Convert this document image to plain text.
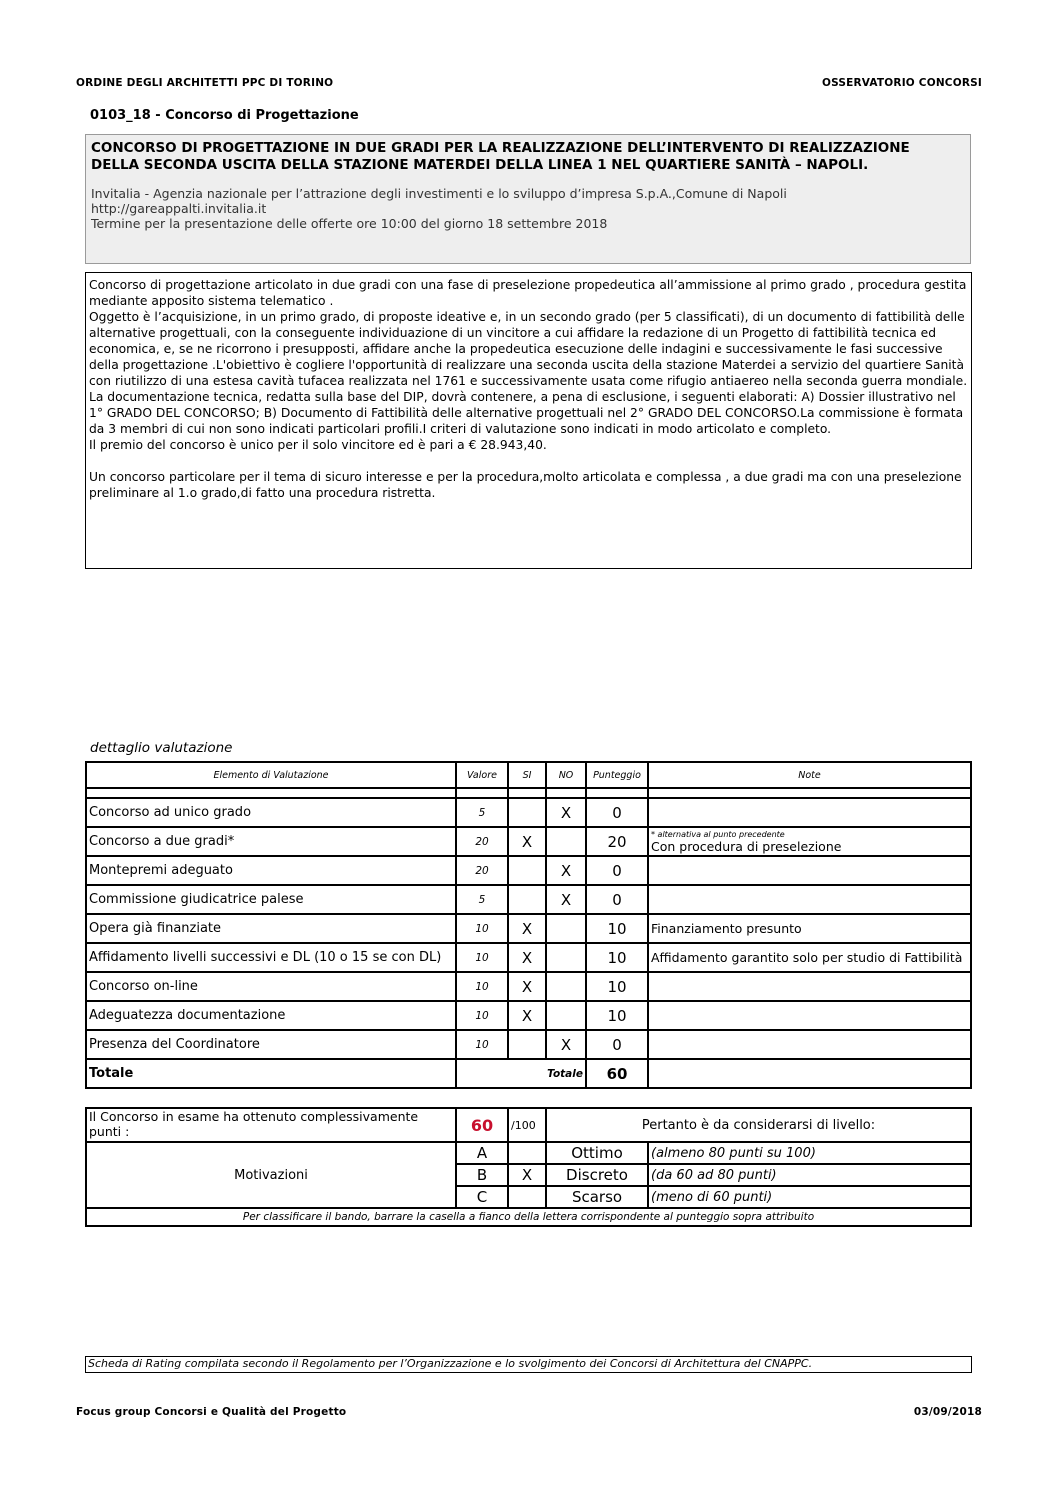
ORDINE DEGLI ARCHITETTI PPC DI TORINO	OSSERVATORIO CONCORSI
0103_18 - Concorso di Progettazione
CONCORSO DI PROGETTAZIONE IN DUE GRADI PER LA REALIZZAZIONE DELL’INTERVENTO DI REALIZZAZIONE DELLA SECONDA USCITA DELLA STAZIONE MATERDEI DELLA LINEA 1 NEL QUARTIERE SANITÀ – NAPOLI.
Invitalia - Agenzia nazionale per l’attrazione degli investimenti e lo sviluppo d’impresa S.p.A.,Comune di Napoli
http://gareappalti.invitalia.it
Termine per la presentazione delle offerte ore 10:00 del giorno 18 settembre 2018

Concorso di progettazione articolato in due gradi con una fase di preselezione propedeutica all’ammissione al primo grado , procedura gestita mediante apposito sistema telematico .

Oggetto è l’acquisizione, in un primo grado, di proposte ideative e, in un secondo grado (per 5 classificati), di un documento di fattibilità delle alternative progettuali, con la conseguente individuazione di un vincitore a cui affidare la redazione di un Progetto di fattibilità tecnica ed economica, e, se ne ricorrono i presupposti, affidare anche la propedeutica esecuzione delle indagini e successivamente le fasi successive della progettazione .L'obiettivo è cogliere l'opportunità di realizzare una seconda uscita della stazione Materdei a servizio del quartiere Sanità con riutilizzo di una estesa cavità tufacea realizzata nel 1761 e successivamente usata come rifugio antiaereo nella seconda guerra mondiale.

La documentazione tecnica, redatta sulla base del DIP, dovrà contenere, a pena di esclusione, i seguenti elaborati: A) Dossier illustrativo nel 1° GRADO DEL CONCORSO; B) Documento di Fattibilità delle alternative progettuali nel 2° GRADO DEL CONCORSO.La commissione è formata da 3 membri di cui non sono indicati particolari profili.I criteri di valutazione sono indicati in modo articolato e completo.

Il premio del concorso è unico per il solo vincitore ed è pari a € 28.943,40.

Un concorso particolare per il tema di sicuro interesse e per la procedura,molto articolata e complessa , a due gradi ma con una preselezione preliminare al 1.o grado,di fatto una procedura ristretta.

dettaglio valutazione
Elemento di Valutazione	Valore	SI	NO	Punteggio	Note

Concorso ad unico grado	5		X	0	
Concorso a due gradi*	20	X		20	* alternativa al punto precedente
Con procedura di preselezione
Montepremi adeguato	20		X	0	
Commissione giudicatrice palese	5		X	0	
Opera già finanziate	10	X		10	Finanziamento presunto
Affidamento livelli successivi e DL (10 o 15 se con DL)	10	X		10	Affidamento garantito solo per studio di Fattibilità
Concorso on-line	10	X		10	
Adeguatezza documentazione	10	X		10	
Presenza del Coordinatore	10		X	0	
Totale	Totale			60	
Il Concorso in esame ha ottenuto complessivamente punti :	60	/100	Pertanto è da considerarsi di livello:	
Motivazioni	A		Ottimo	(almeno 80 punti su 100)
	B	X	Discreto	(da 60 ad 80 punti)
	C		Scarso	(meno di 60 punti)
Per classificare il bando, barrare la casella a fianco della lettera corrispondente al punteggio sopra attribuito				
Scheda di Rating compilata secondo il Regolamento per l’Organizzazione e lo svolgimento dei Concorsi di Architettura del CNAPPC.
Focus group Concorsi e Qualità del Progetto	03/09/2018
